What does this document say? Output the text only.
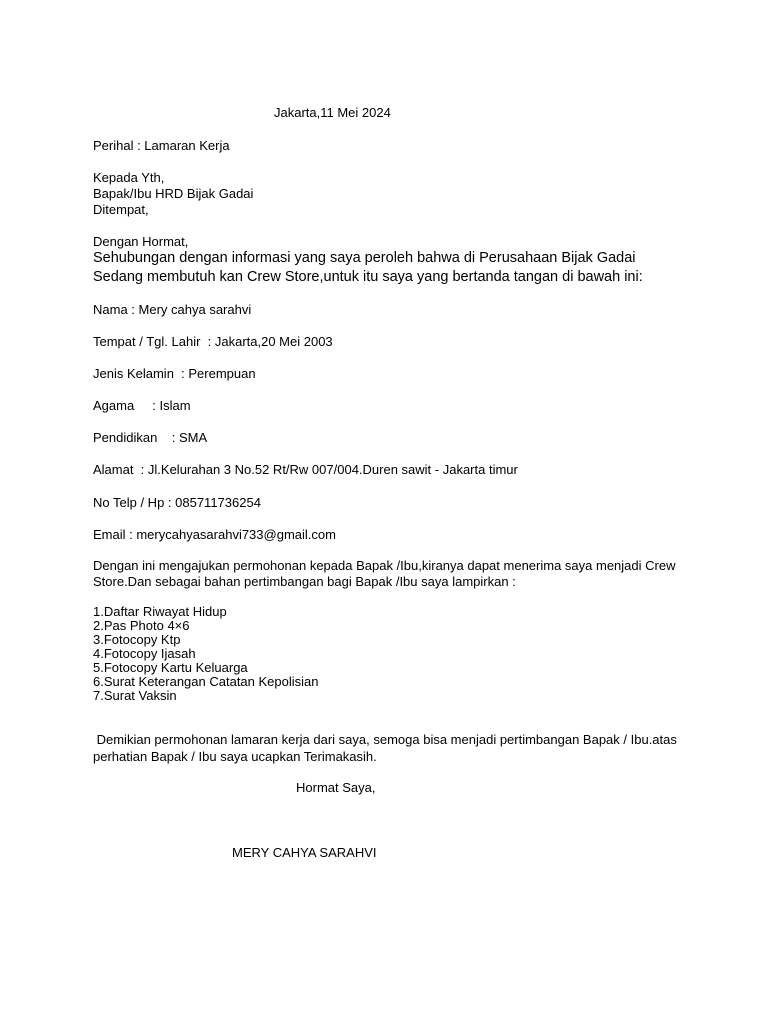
Jakarta,11 Mei 2024

Perihal : Lamaran Kerja

Kepada Yth,

Bapak/Ibu HRD Bijak Gadai

Ditempat,

Dengan Hormat,

Sehubungan dengan informasi yang saya peroleh bahwa di Perusahaan Bijak Gadai

Sedang membutuh kan Crew Store,untuk itu saya yang bertanda tangan di bawah ini:

Nama : Mery cahya sarahvi

Tempat / Tgl. Lahir  : Jakarta,20 Mei 2003

Jenis Kelamin  : Perempuan

Agama     : Islam

Pendidikan    : SMA

Alamat  : Jl.Kelurahan 3 No.52 Rt/Rw 007/004.Duren sawit - Jakarta timur

No Telp / Hp : 085711736254

Email : merycahyasarahvi733@gmail.com

Dengan ini mengajukan permohonan kepada Bapak /Ibu,kiranya dapat menerima saya menjadi Crew

Store.Dan sebagai bahan pertimbangan bagi Bapak /Ibu saya lampirkan :

1.Daftar Riwayat Hidup
2.Pas Photo 4×6
3.Fotocopy Ktp
4.Fotocopy Ijasah
5.Fotocopy Kartu Keluarga
6.Surat Keterangan Catatan Kepolisian
7.Surat Vaksin

Demikian permohonan lamaran kerja dari saya, semoga bisa menjadi pertimbangan Bapak / Ibu.atas

perhatian Bapak / Ibu saya ucapkan Terimakasih.

Hormat Saya,

MERY CAHYA SARAHVI
